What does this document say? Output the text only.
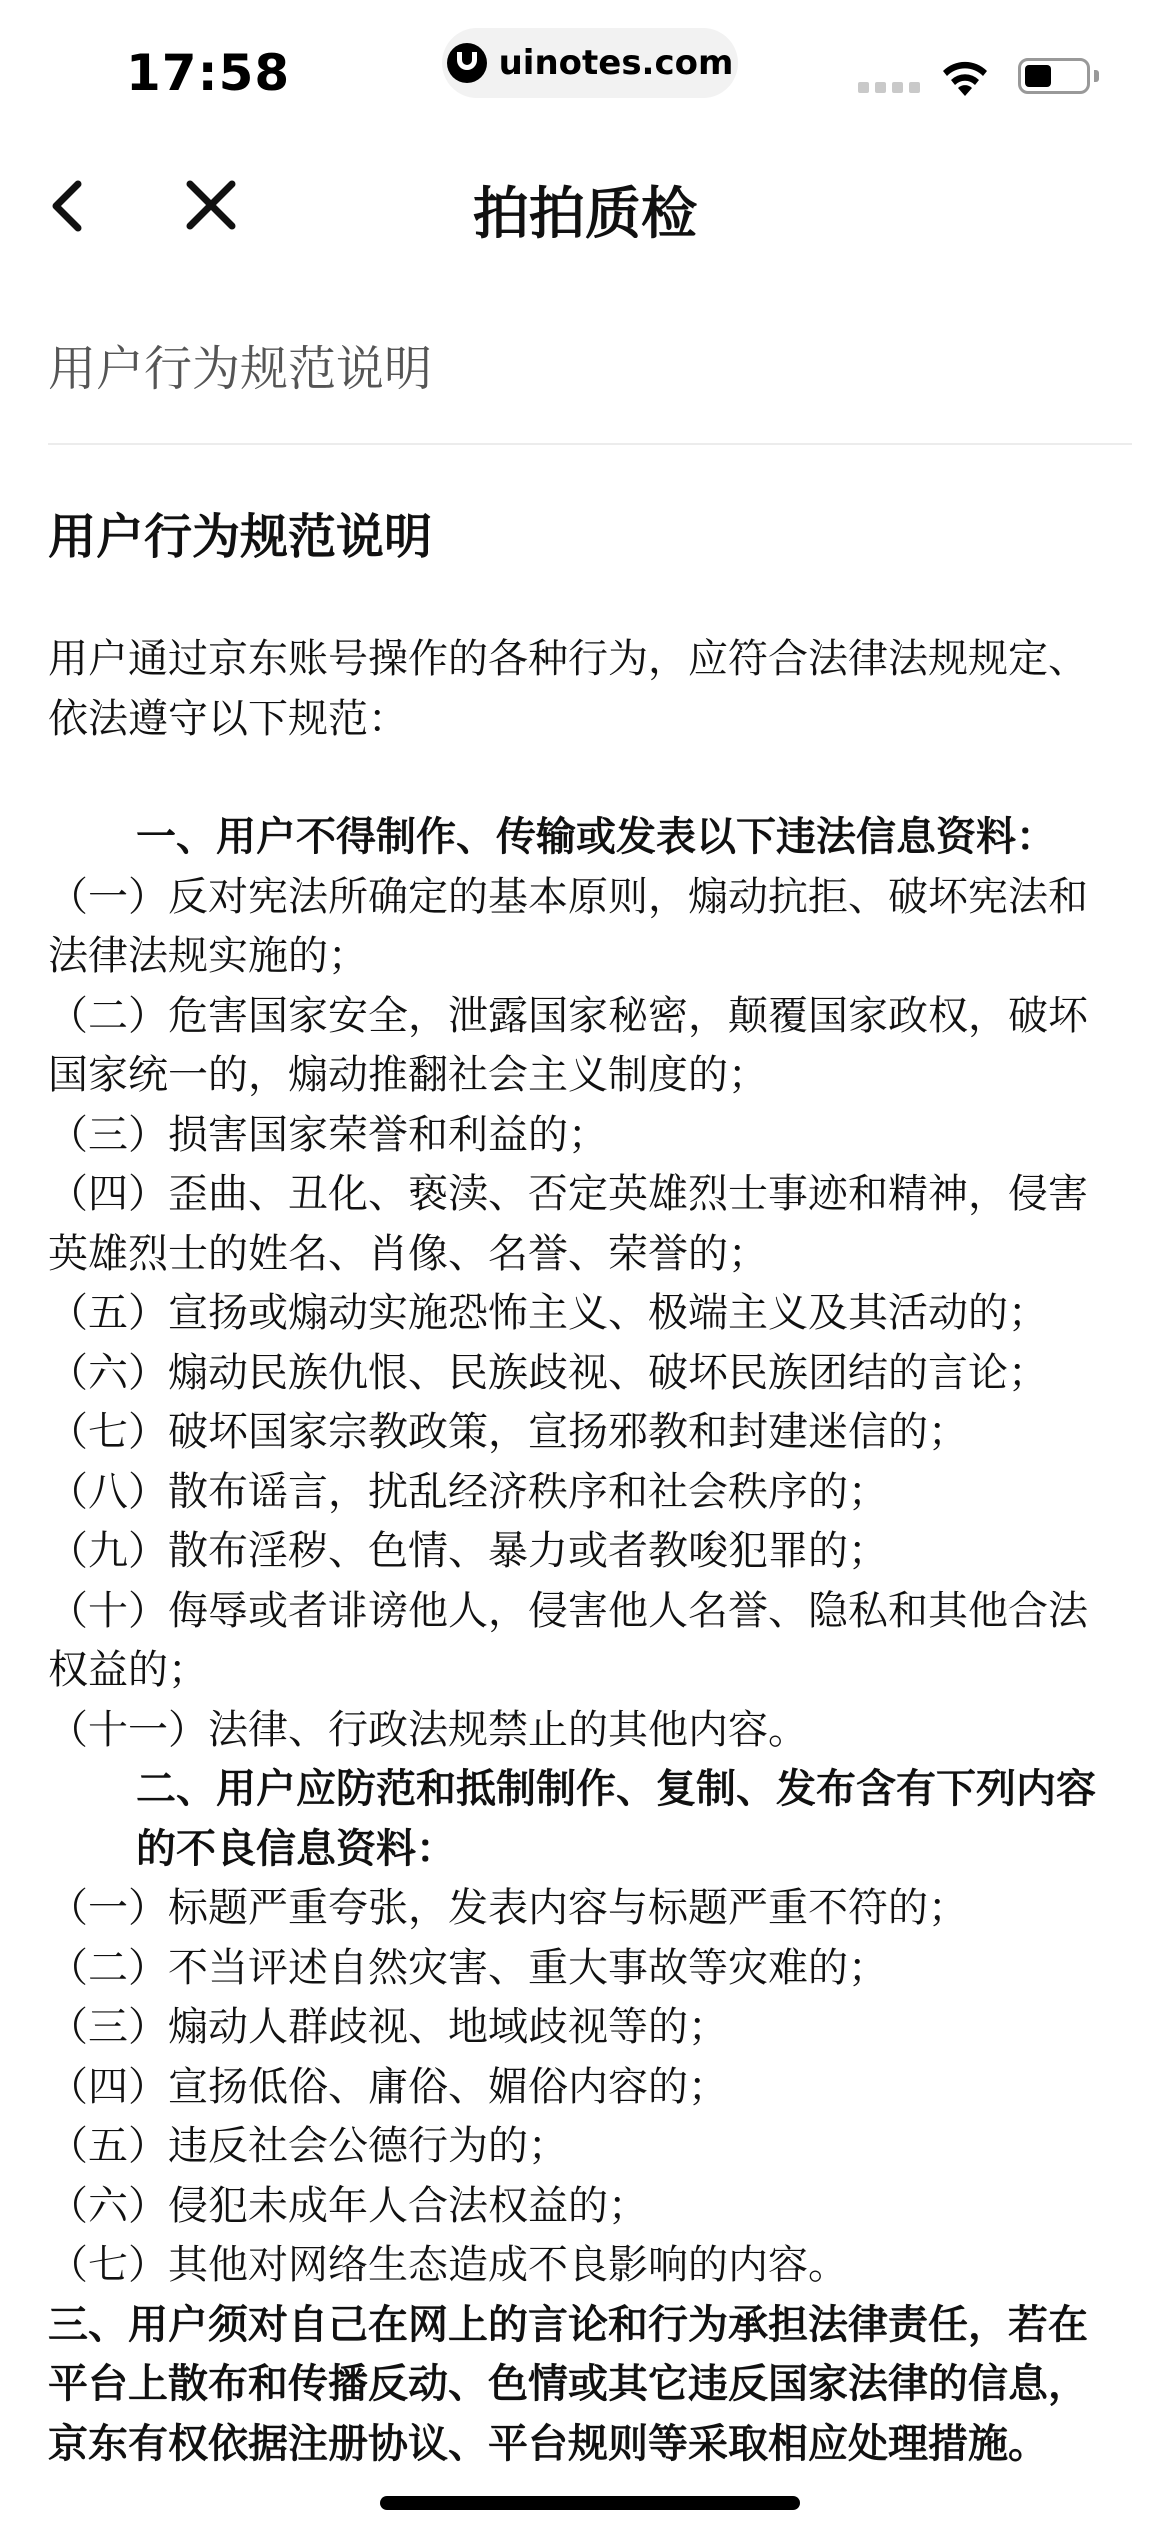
17:58	uinotes.com
拍拍质检
用户行为规范说明
用户行为规范说明

用户通过京东账号操作的各种行为，应符合法律法规规定、依法遵守以下规范：

一、用户不得制作、传输或发表以下违法信息资料：

（一）反对宪法所确定的基本原则，煽动抗拒、破坏宪法和法律法规实施的；

（二）危害国家安全，泄露国家秘密，颠覆国家政权，破坏国家统一的，煽动推翻社会主义制度的；

（三）损害国家荣誉和利益的；

（四）歪曲、丑化、亵渎、否定英雄烈士事迹和精神，侵害英雄烈士的姓名、肖像、名誉、荣誉的；

（五）宣扬或煽动实施恐怖主义、极端主义及其活动的；

（六）煽动民族仇恨、民族歧视、破坏民族团结的言论；

（七）破坏国家宗教政策，宣扬邪教和封建迷信的；

（八）散布谣言，扰乱经济秩序和社会秩序的；

（九）散布淫秽、色情、暴力或者教唆犯罪的；

（十）侮辱或者诽谤他人，侵害他人名誉、隐私和其他合法权益的；

（十一）法律、行政法规禁止的其他内容。

二、用户应防范和抵制制作、复制、发布含有下列内容的不良信息资料：

（一）标题严重夸张，发表内容与标题严重不符的；

（二）不当评述自然灾害、重大事故等灾难的；

（三）煽动人群歧视、地域歧视等的；

（四）宣扬低俗、庸俗、媚俗内容的；

（五）违反社会公德行为的；

（六）侵犯未成年人合法权益的；

（七）其他对网络生态造成不良影响的内容。

三、用户须对自己在网上的言论和行为承担法律责任，若在平台上散布和传播反动、色情或其它违反国家法律的信息，京东有权依据注册协议、平台规则等采取相应处理措施。
